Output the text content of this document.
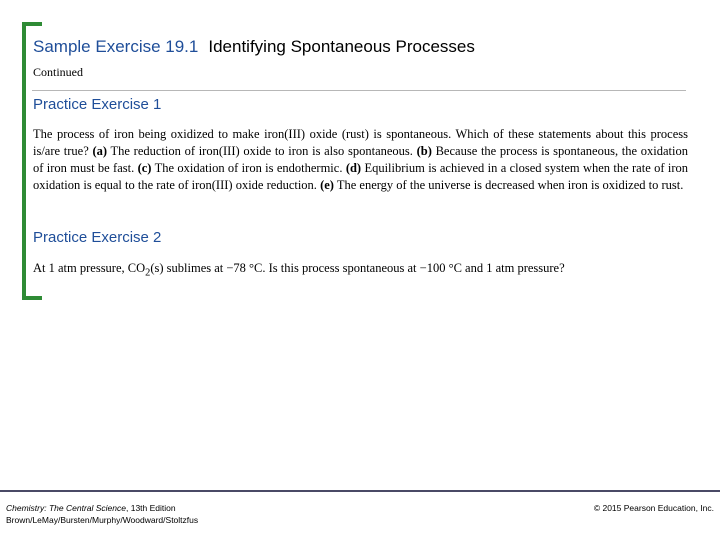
Sample Exercise 19.1 Identifying Spontaneous Processes
Continued
Practice Exercise 1

The process of iron being oxidized to make iron(III) oxide (rust) is spontaneous. Which of these statements about this process is/are true? (a) The reduction of iron(III) oxide to iron is also spontaneous. (b) Because the process is spontaneous, the oxidation of iron must be fast. (c) The oxidation of iron is endothermic. (d) Equilibrium is achieved in a closed system when the rate of iron oxidation is equal to the rate of iron(III) oxide reduction. (e) The energy of the universe is decreased when iron is oxidized to rust.

Practice Exercise 2

At 1 atm pressure, $CO_2(s)$ sublimes at −78 °C. Is this process spontaneous at −100 °C and 1 atm pressure?

Chemistry: The Central Science, 13th Edition
Brown/LeMay/Bursten/Murphy/Woodward/Stoltzfus
© 2015 Pearson Education, Inc.
